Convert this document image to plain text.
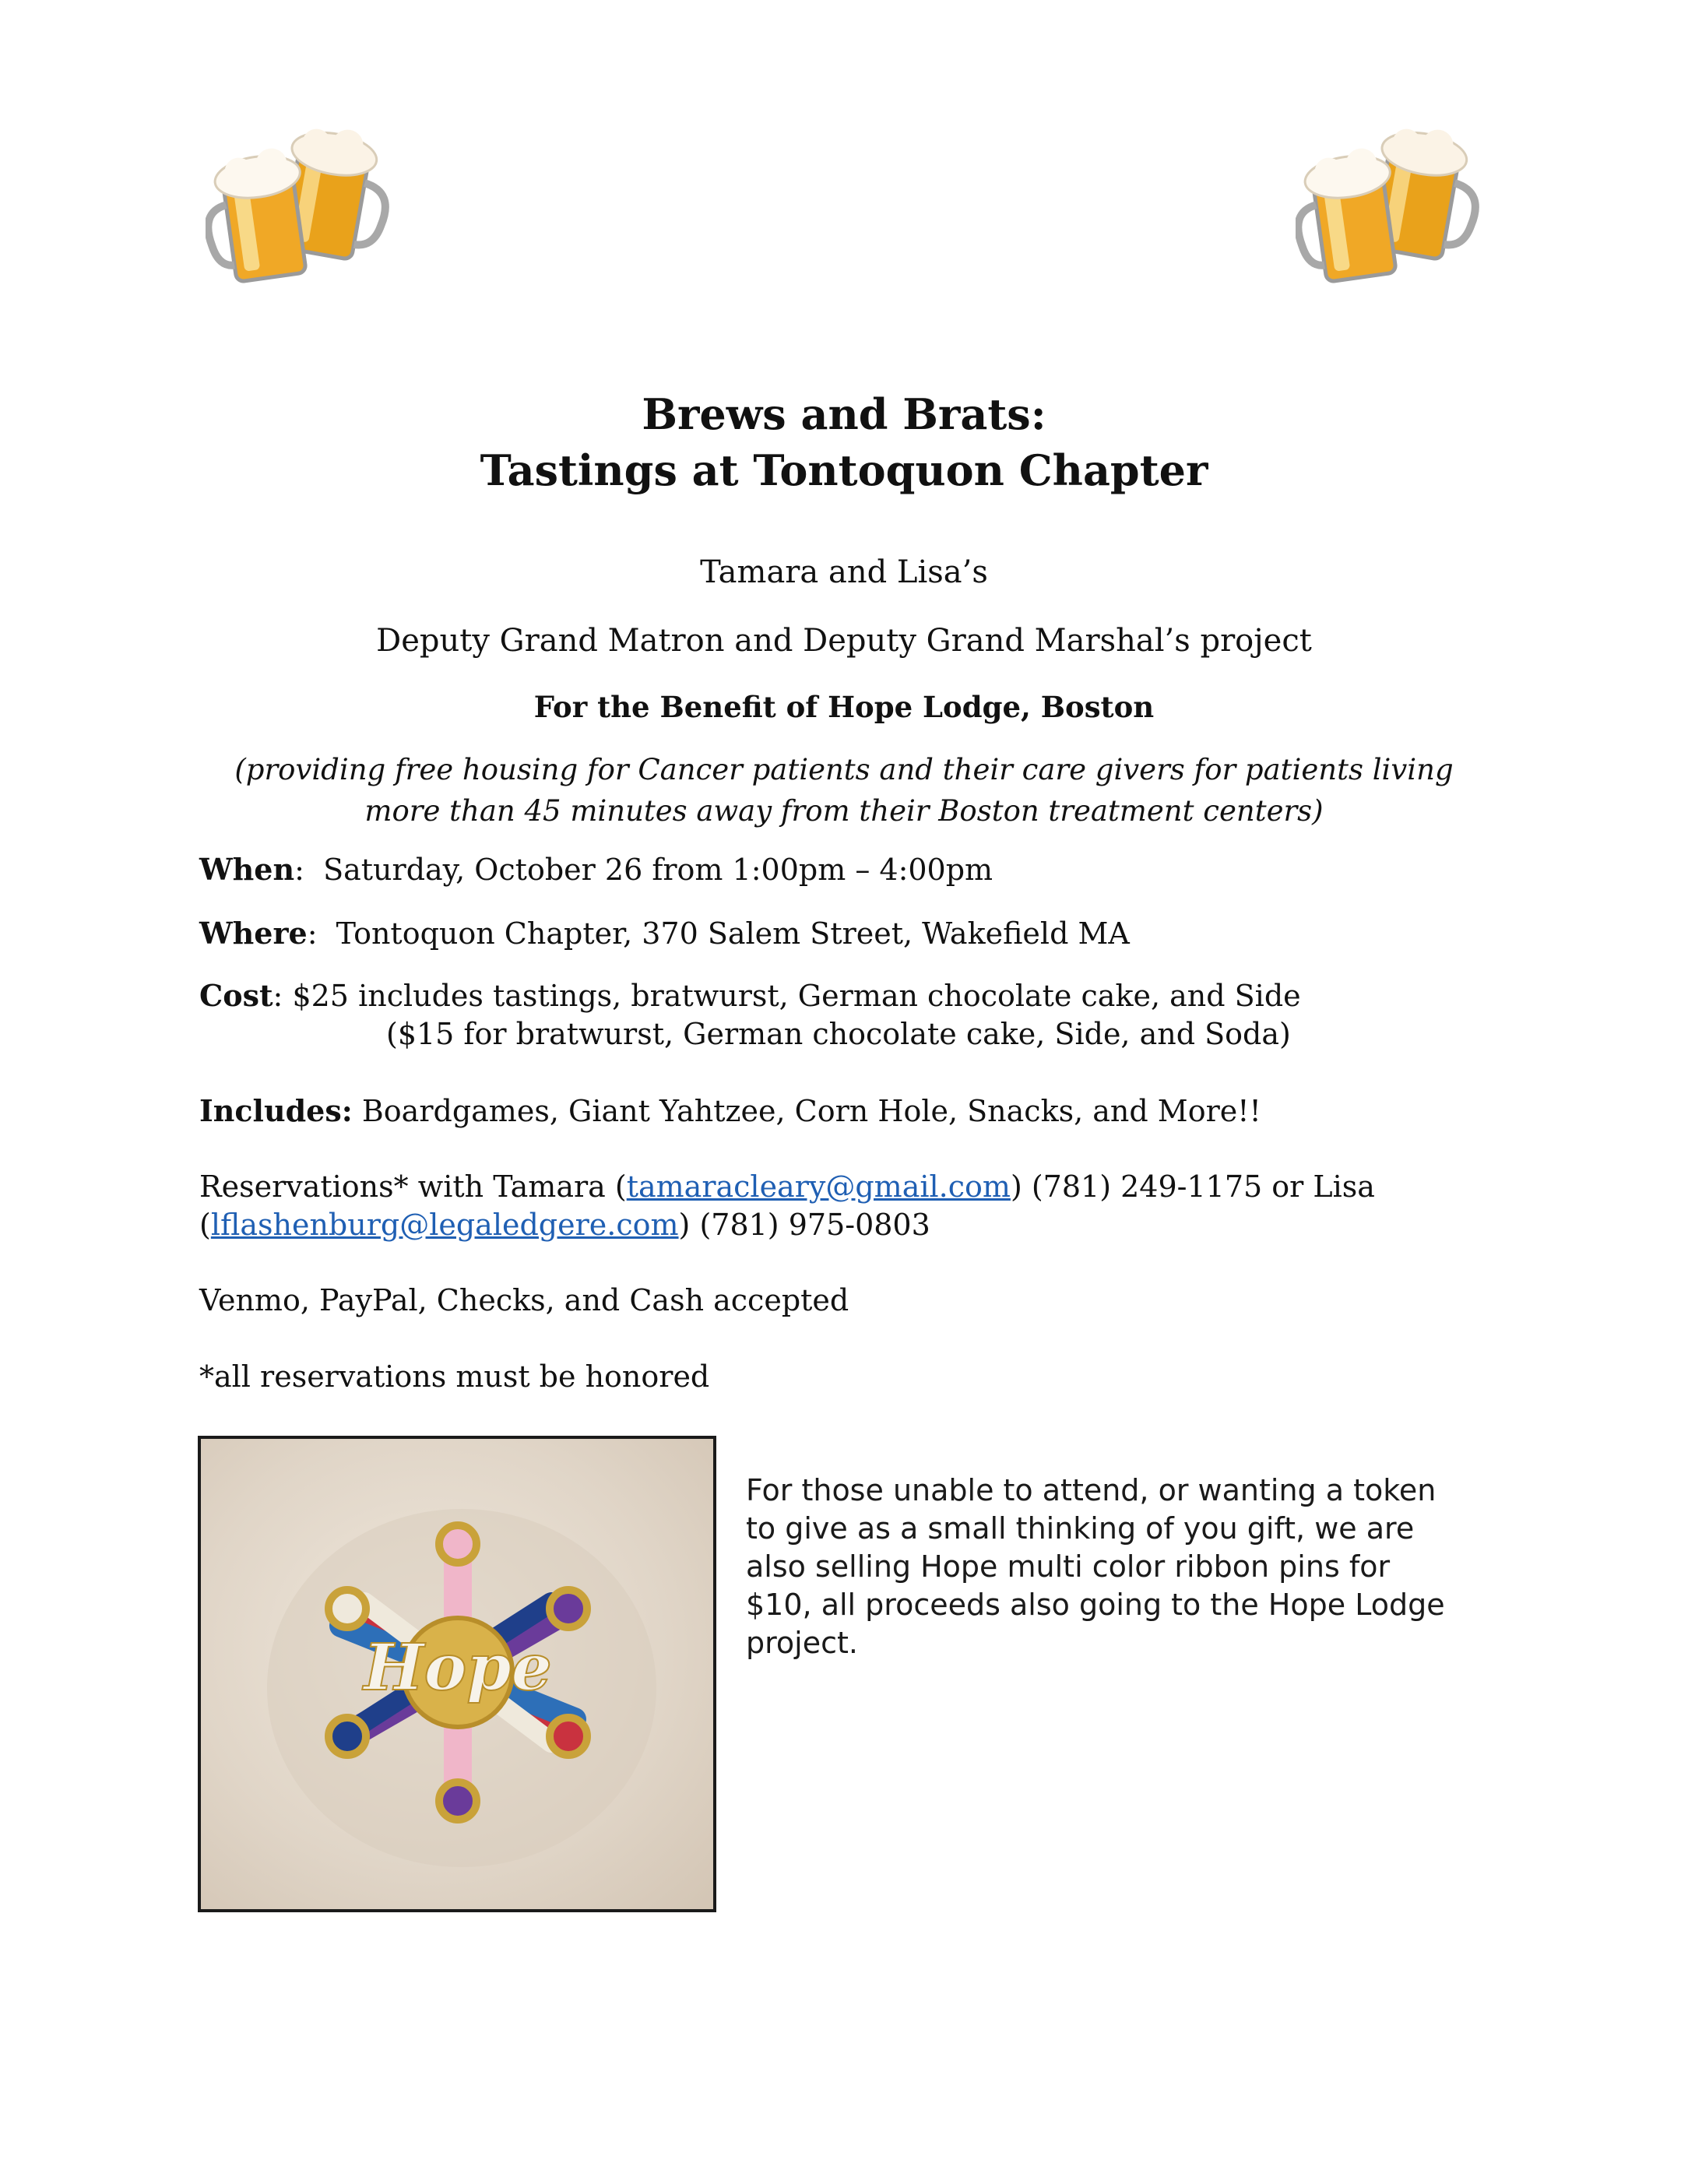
Brews and Brats:
Tastings at Tontoquon Chapter
Tamara and Lisa’s
Deputy Grand Matron and Deputy Grand Marshal’s project
For the Benefit of Hope Lodge, Boston
(providing free housing for Cancer patients and their care givers for patients living
more than 45 minutes away from their Boston treatment centers)
When: Saturday, October 26 from 1:00pm – 4:00pm
Where: Tontoquon Chapter, 370 Salem Street, Wakefield MA
Cost: $25 includes tastings, bratwurst, German chocolate cake, and Side
($15 for bratwurst, German chocolate cake, Side, and Soda)
Includes: Boardgames, Giant Yahtzee, Corn Hole, Snacks, and More!!
Reservations* with Tamara (tamaracleary@gmail.com) (781) 249-1175 or Lisa
(lflashenburg@legaledgere.com) (781) 975-0803
Venmo, PayPal, Checks, and Cash accepted
*all reservations must be honored
Hope
For those unable to attend, or wanting a token
to give as a small thinking of you gift, we are
also selling Hope multi color ribbon pins for
$10, all proceeds also going to the Hope Lodge
project.
